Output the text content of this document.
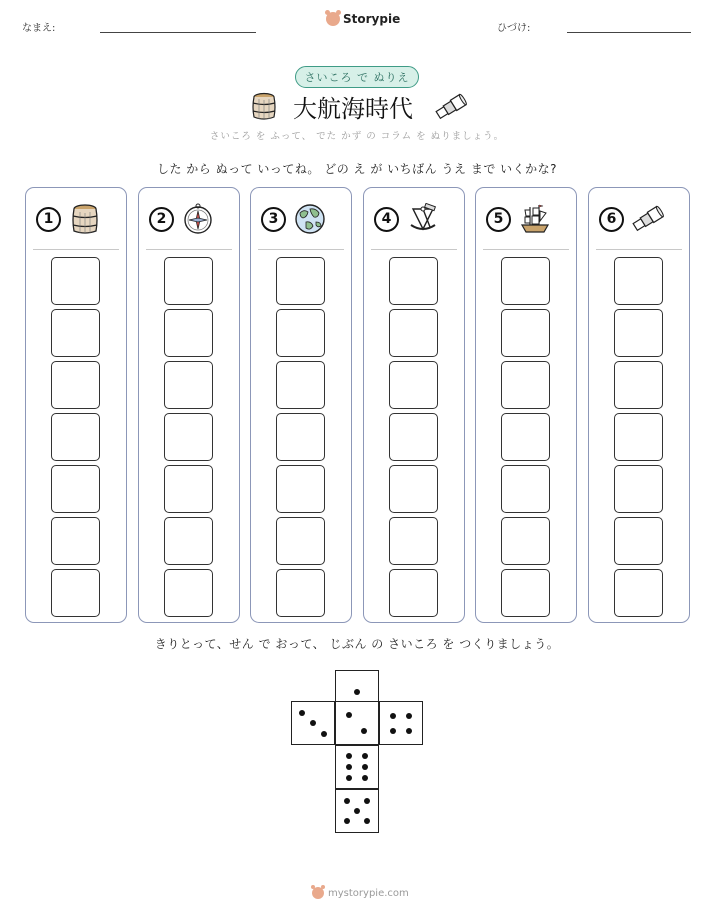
なまえ:
Storypie
ひづけ:
さいころ で ぬりえ
大航海時代
さいころ を ふって、 でた かず の コラム を ぬりましょう。
した から ぬって いってね。 どの え が いちばん うえ まで いくかな?
1	2	3	4	5	6
きりとって、せん で おって、 じぶん の さいころ を つくりましょう。
mystorypie.com
